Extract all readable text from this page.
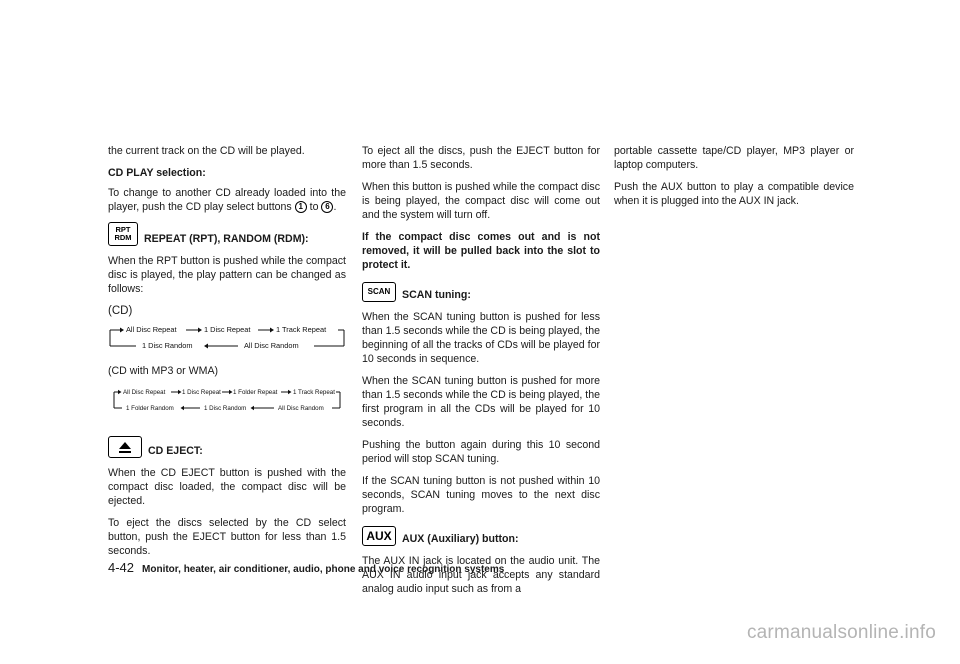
the current track on the CD will be played.

CD PLAY selection:

To change to another CD already loaded into the player, push the CD play select buttons 1 to 6 .

RPT
RDM REPEAT (RPT), RANDOM (RDM):

When the RPT button is pushed while the compact disc is played, the play pattern can be changed as follows:

(CD)

All Disc Repeat	1 Disc Repeat	1 Track Repeat
1 Disc Random	All Disc Random

(CD with MP3 or WMA)

All Disc Repeat	1 Disc Repeat 1 Folder Repeat	1 Track Repeat
1 Folder Random	1 Disc Random	All Disc Random
CD EJECT:

When the CD EJECT button is pushed with the compact disc loaded, the compact disc will be ejected.

To eject the discs selected by the CD select button, push the EJECT button for less than 1.5 seconds.

To eject all the discs, push the EJECT button for more than 1.5 seconds.

When this button is pushed while the compact disc is being played, the compact disc will come out and the system will turn off.

If the compact disc comes out and is not removed, it will be pulled back into the slot to protect it.

SCAN	SCAN tuning:

When the SCAN tuning button is pushed for less than 1.5 seconds while the CD is being played, the beginning of all the tracks of CDs will be played for 10 seconds in sequence.

When the SCAN tuning button is pushed for more than 1.5 seconds while the CD is being played, the first program in all the CDs will be played for 10 seconds.

Pushing the button again during this 10 second period will stop SCAN tuning.

If the SCAN tuning button is not pushed within 10 seconds, SCAN tuning moves to the next disc program.

AUX AUX (Auxiliary) button:

The AUX IN jack is located on the audio unit. The AUX IN audio input jack accepts any standard analog audio input such as from a

portable cassette tape/CD player, MP3 player or laptop computers.

Push the AUX button to play a compatible device when it is plugged into the AUX IN jack.

4-42 Monitor, heater, air conditioner, audio, phone and voice recognition systems
carmanualsonline.info
